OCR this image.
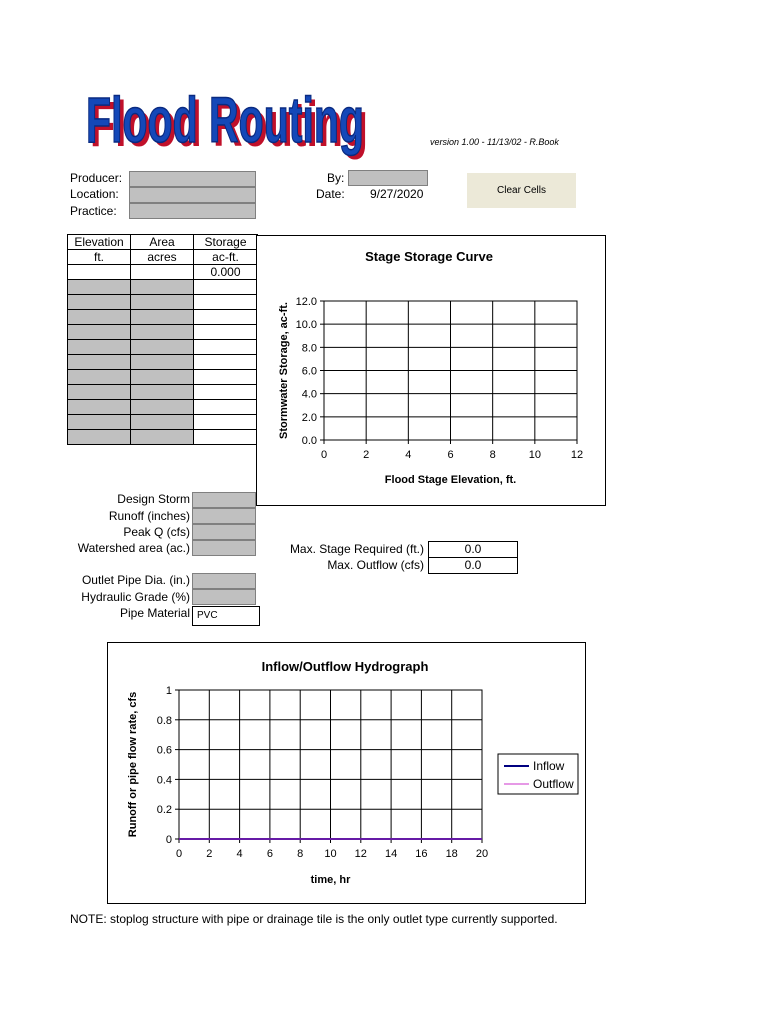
Flood Routing
Flood Routing	version 1.00 - 11/13/02 - R.Book
Producer:
Location:
Practice:
By:
Date: 9/27/2020	Clear Cells
Elevation	Area	Storage
ft.	acres	ac-ft.
		0.000

Stage Storage Curve
0	2	4	6	8	10	12
0.0
2.0
4.0
6.0
8.0
10.0
12.0
Flood Stage Elevation, ft.
Stormwater Storage, ac-ft.
Design Storm
Runoff (inches)
Peak Q (cfs)
Watershed area (ac.)
Outlet Pipe Dia. (in.)
Hydraulic Grade (%)
Pipe Material PVC
Max. Stage Required (ft.)	0.0
Max. Outflow (cfs)	0.0
Inflow/Outflow Hydrograph
0 2 4 6 8 10 12 14 16 18 20
0
0.2
0.4
0.6
0.8
1
time, hr
Runoff or pipe flow rate, cfs	Inflow
Outflow
NOTE: stoplog structure with pipe or drainage tile is the only outlet type currently supported.
